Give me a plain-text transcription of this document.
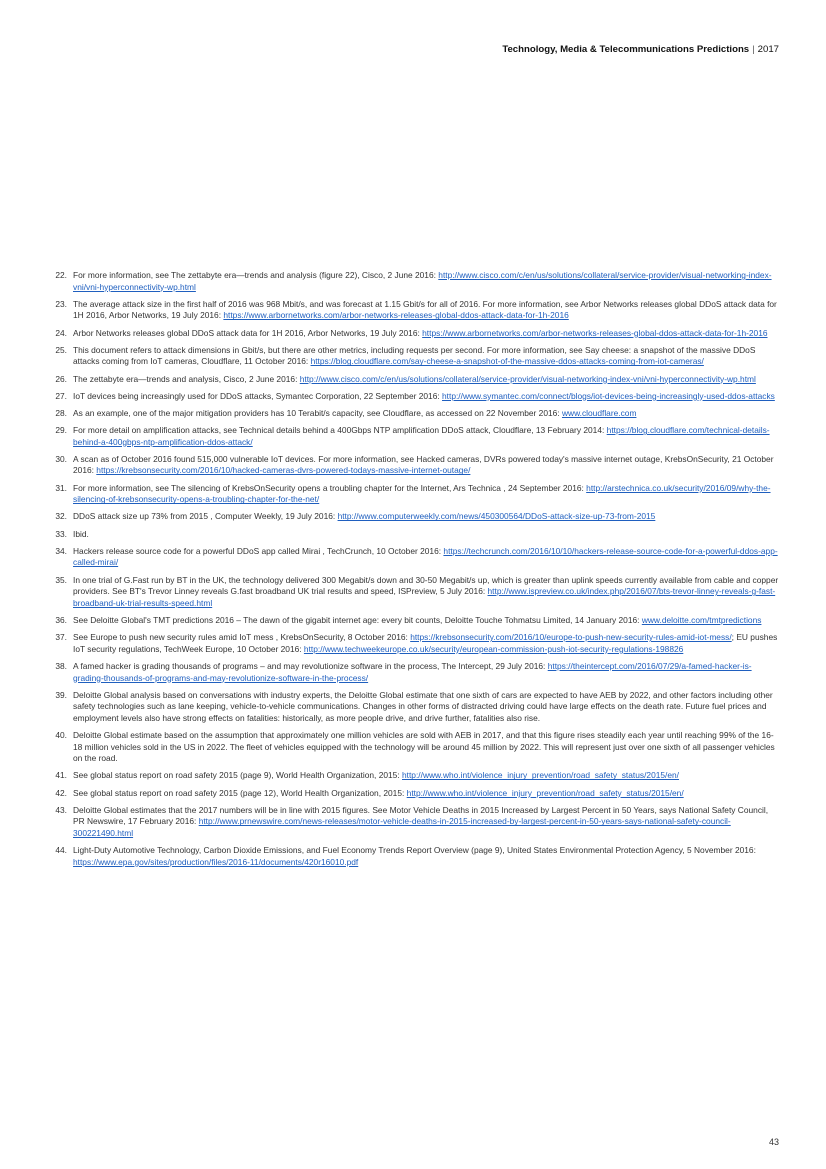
Technology, Media & Telecommunications Predictions | 2017
22. For more information, see The zettabyte era—trends and analysis (figure 22), Cisco, 2 June 2016: http://www.cisco.com/c/en/us/solutions/collateral/service-provider/visual-networking-index-vni/vni-hyperconnectivity-wp.html
23. The average attack size in the first half of 2016 was 968 Mbit/s, and was forecast at 1.15 Gbit/s for all of 2016. For more information, see Arbor Networks releases global DDoS attack data for 1H 2016, Arbor Networks, 19 July 2016: https://www.arbornetworks.com/arbor-networks-releases-global-ddos-attack-data-for-1h-2016
24. Arbor Networks releases global DDoS attack data for 1H 2016, Arbor Networks, 19 July 2016: https://www.arbornetworks.com/arbor-networks-releases-global-ddos-attack-data-for-1h-2016
25. This document refers to attack dimensions in Gbit/s, but there are other metrics, including requests per second. For more information, see Say cheese: a snapshot of the massive DDoS attacks coming from IoT cameras, Cloudflare, 11 October 2016: https://blog.cloudflare.com/say-cheese-a-snapshot-of-the-massive-ddos-attacks-coming-from-iot-cameras/
26. The zettabyte era—trends and analysis, Cisco, 2 June 2016: http://www.cisco.com/c/en/us/solutions/collateral/service-provider/visual-networking-index-vni/vni-hyperconnectivity-wp.html
27. IoT devices being increasingly used for DDoS attacks, Symantec Corporation, 22 September 2016: http://www.symantec.com/connect/blogs/iot-devices-being-increasingly-used-ddos-attacks
28. As an example, one of the major mitigation providers has 10 Terabit/s capacity, see Cloudflare, as accessed on 22 November 2016: www.cloudflare.com
29. For more detail on amplification attacks, see Technical details behind a 400Gbps NTP amplification DDoS attack, Cloudflare, 13 February 2014: https://blog.cloudflare.com/technical-details-behind-a-400gbps-ntp-amplification-ddos-attack/
30. A scan as of October 2016 found 515,000 vulnerable IoT devices. For more information, see Hacked cameras, DVRs powered today's massive internet outage, KrebsOnSecurity, 21 October 2016: https://krebsonsecurity.com/2016/10/hacked-cameras-dvrs-powered-todays-massive-internet-outage/
31. For more information, see The silencing of KrebsOnSecurity opens a troubling chapter for the Internet, Ars Technica , 24 September 2016: http://arstechnica.co.uk/security/2016/09/why-the-silencing-of-krebsonsecurity-opens-a-troubling-chapter-for-the-net/
32. DDoS attack size up 73% from 2015 , Computer Weekly, 19 July 2016: http://www.computerweekly.com/news/450300564/DDoS-attack-size-up-73-from-2015
33. Ibid.
34. Hackers release source code for a powerful DDoS app called Mirai , TechCrunch, 10 October 2016: https://techcrunch.com/2016/10/10/hackers-release-source-code-for-a-powerful-ddos-app-called-mirai/
35. In one trial of G.Fast run by BT in the UK, the technology delivered 300 Megabit/s down and 30-50 Megabit/s up, which is greater than uplink speeds currently available from cable and copper providers. See BT's Trevor Linney reveals G.fast broadband UK trial results and speed, ISPreview, 5 July 2016: http://www.ispreview.co.uk/index.php/2016/07/bts-trevor-linney-reveals-g-fast-broadband-uk-trial-results-speed.html
36. See Deloitte Global's TMT predictions 2016 – The dawn of the gigabit internet age: every bit counts, Deloitte Touche Tohmatsu Limited, 14 January 2016: www.deloitte.com/tmtpredictions
37. See Europe to push new security rules amid IoT mess , KrebsOnSecurity, 8 October 2016: https://krebsonsecurity.com/2016/10/europe-to-push-new-security-rules-amid-iot-mess/; EU pushes IoT security regulations, TechWeek Europe, 10 October 2016: http://www.techweekeurope.co.uk/security/european-commission-push-iot-security-regulations-198826
38. A famed hacker is grading thousands of programs – and may revolutionize software in the process, The Intercept, 29 July 2016: https://theintercept.com/2016/07/29/a-famed-hacker-is-grading-thousands-of-programs-and-may-revolutionize-software-in-the-process/
39. Deloitte Global analysis based on conversations with industry experts, the Deloitte Global estimate that one sixth of cars are expected to have AEB by 2022, and other factors including other safety technologies such as lane keeping, vehicle-to-vehicle communications. Changes in other forms of distracted driving could have large effects on the death rate. Future fuel prices and employment levels also have strong effects on fatalities: historically, as more people drive, and drive further, fatalities also rise.
40. Deloitte Global estimate based on the assumption that approximately one million vehicles are sold with AEB in 2017, and that this figure rises steadily each year until reaching 99% of the 16-18 million vehicles sold in the US in 2022. The fleet of vehicles equipped with the technology will be around 45 million by 2022. This will represent just over one sixth of all passenger vehicles on the road.
41. See global status report on road safety 2015 (page 9), World Health Organization, 2015: http://www.who.int/violence_injury_prevention/road_safety_status/2015/en/
42. See global status report on road safety 2015 (page 12), World Health Organization, 2015: http://www.who.int/violence_injury_prevention/road_safety_status/2015/en/
43. Deloitte Global estimates that the 2017 numbers will be in line with 2015 figures. See Motor Vehicle Deaths in 2015 Increased by Largest Percent in 50 Years, says National Safety Council, PR Newswire, 17 February 2016: http://www.prnewswire.com/news-releases/motor-vehicle-deaths-in-2015-increased-by-largest-percent-in-50-years-says-national-safety-council-300221490.html
44. Light-Duty Automotive Technology, Carbon Dioxide Emissions, and Fuel Economy Trends Report Overview (page 9), United States Environmental Protection Agency, 5 November 2016: https://www.epa.gov/sites/production/files/2016-11/documents/420r16010.pdf
43
